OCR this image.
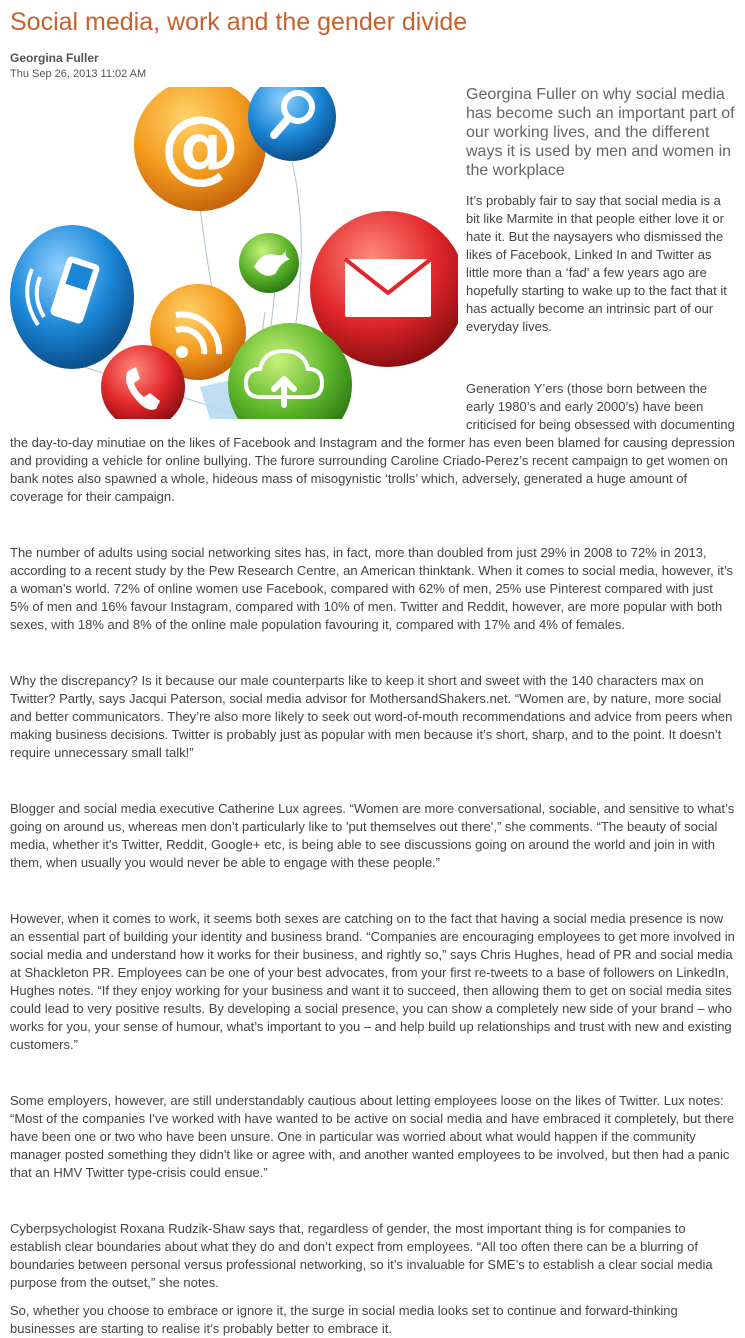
Social media, work and the gender divide
Georgina Fuller
Thu Sep 26, 2013 11:02 AM
@
Georgina Fuller on why social media has become such an important part of our working lives, and the different ways it is used by men and women in the workplace

It’s probably fair to say that social media is a bit like Marmite in that people either love it or hate it. But the naysayers who dismissed the likes of Facebook, Linked In and Twitter as little more than a ‘fad’ a few years ago are hopefully starting to wake up to the fact that it has actually become an intrinsic part of our everyday lives.

Generation Y’ers (those born between the early 1980’s and early 2000’s) have been criticised for being obsessed with documenting the day-to-day minutiae on the likes of Facebook and Instagram and the former has even been blamed for causing depression and providing a vehicle for online bullying. The furore surrounding Caroline Criado-Perez’s recent campaign to get women on bank notes also spawned a whole, hideous mass of misogynistic ‘trolls’ which, adversely, generated a huge amount of coverage for their campaign.

The number of adults using social networking sites has, in fact, more than doubled from just 29% in 2008 to 72% in 2013, according to a recent study by the Pew Research Centre, an American thinktank. When it comes to social media, however, it’s a woman’s world. 72% of online women use Facebook, compared with 62% of men, 25% use Pinterest compared with just 5% of men and 16% favour Instagram, compared with 10% of men. Twitter and Reddit, however, are more popular with both sexes, with 18% and 8% of the online male population favouring it, compared with 17% and 4% of females.

Why the discrepancy? Is it because our male counterparts like to keep it short and sweet with the 140 characters max on Twitter? Partly, says Jacqui Paterson, social media advisor for MothersandShakers.net. “Women are, by nature, more social and better communicators. They’re also more likely to seek out word-of-mouth recommendations and advice from peers when making business decisions. Twitter is probably just as popular with men because it’s short, sharp, and to the point. It doesn’t require unnecessary small talk!”

Blogger and social media executive Catherine Lux agrees. “Women are more conversational, sociable, and sensitive to what’s going on around us, whereas men don’t particularly like to 'put themselves out there',” she comments. “The beauty of social media, whether it's Twitter, Reddit, Google+ etc, is being able to see discussions going on around the world and join in with them, when usually you would never be able to engage with these people.”

However, when it comes to work, it seems both sexes are catching on to the fact that having a social media presence is now an essential part of building your identity and business brand. “Companies are encouraging employees to get more involved in social media and understand how it works for their business, and rightly so,” says Chris Hughes, head of PR and social media at Shackleton PR. Employees can be one of your best advocates, from your first re-tweets to a base of followers on LinkedIn, Hughes notes. “If they enjoy working for your business and want it to succeed, then allowing them to get on social media sites could lead to very positive results. By developing a social presence, you can show a completely new side of your brand – who works for you, your sense of humour, what’s important to you – and help build up relationships and trust with new and existing customers.”

Some employers, however, are still understandably cautious about letting employees loose on the likes of Twitter. Lux notes: “Most of the companies I've worked with have wanted to be active on social media and have embraced it completely, but there have been one or two who have been unsure. One in particular was worried about what would happen if the community manager posted something they didn't like or agree with, and another wanted employees to be involved, but then had a panic that an HMV Twitter type-crisis could ensue.”

Cyberpsychologist Roxana Rudzik-Shaw says that, regardless of gender, the most important thing is for companies to establish clear boundaries about what they do and don’t expect from employees. “All too often there can be a blurring of boundaries between personal versus professional networking, so it’s invaluable for SME’s to establish a clear social media purpose from the outset,” she notes.

So, whether you choose to embrace or ignore it, the surge in social media looks set to continue and forward-thinking businesses are starting to realise it’s probably better to embrace it.
